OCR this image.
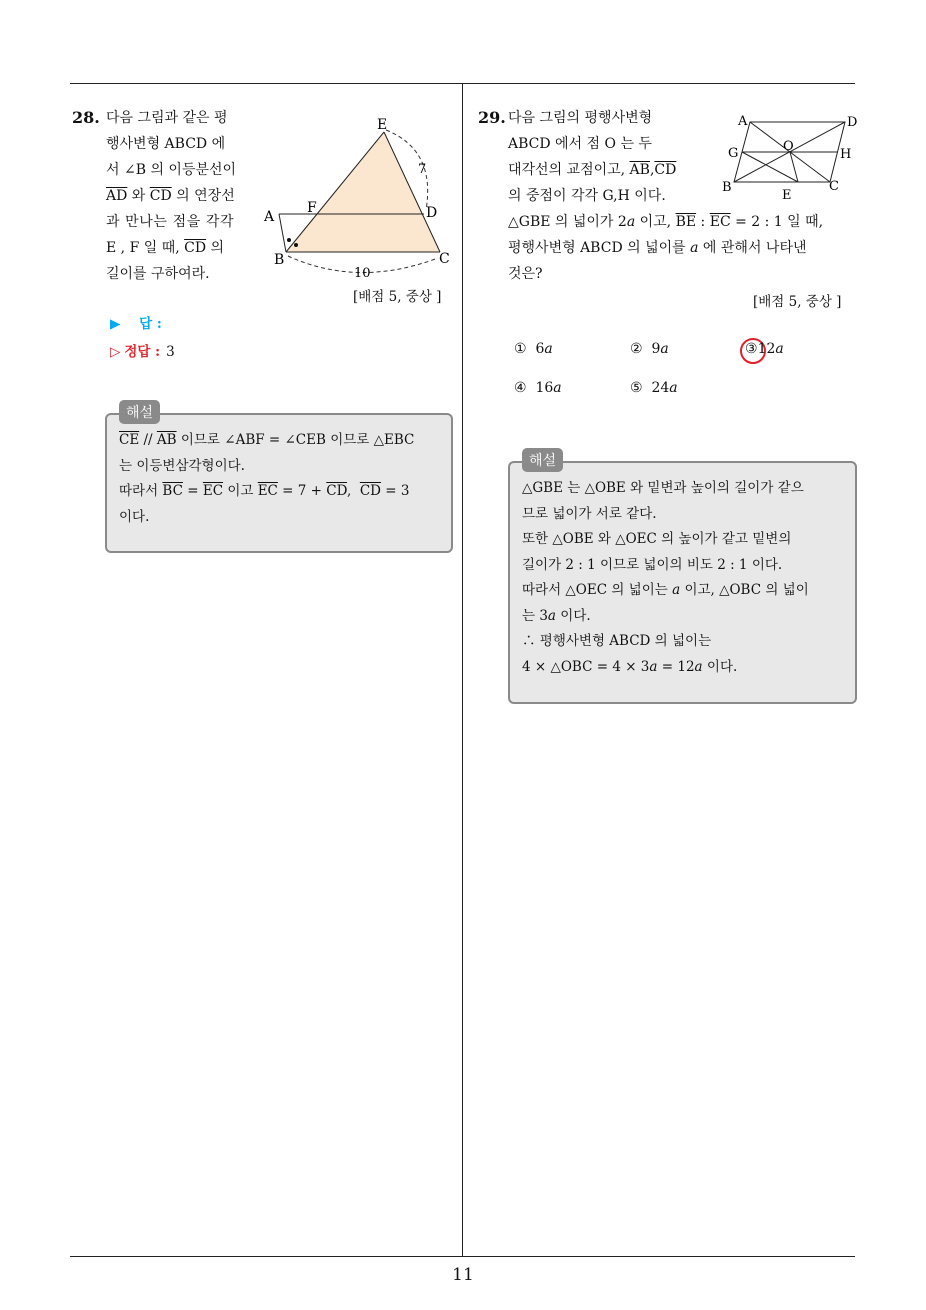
11
28. 다음 그림과 같은 평
행사변형 ABCD 에
서 ∠B 의 이등분선이
$\overline{AD}$ 와 $\overline{CD}$ 의 연장선
과 만나는 점을 각각
E , F 일 때, $\overline{CD}$ 의
길이를 구하여라.
E
7
A
F	D
B	C
10
[배점 5, 중상 ]
▶ 답 :
▷ 정답 : 3
$\overline{CE} // \overline{AB}$ 이므로 ∠ABF = ∠CEB 이므로 △EBC
는 이등변삼각형이다.
따라서 $\overline{BC} = \overline{EC}$ 이고 $\overline{EC} = 7 + \overline{CD}$,  $\overline{CD} = 3$
이다.
해설
29. 다음 그림의 평행사변형
ABCD 에서 점 O 는 두
대각선의 교점이고, $\overline{AB},\overline{CD}$
의 중점이 각각 G,H 이다.
△GBE 의 넓이가 2a 이고, $\overline{BE}$ : $\overline{EC} = 2$ : 1 일 때,
평행사변형 ABCD 의 넓이를 a 에 관해서 나타낸
것은?
A	D
G	O
H
B
E
C
[배점 5, 중상 ]
① 6a	② 9a	③12a
④ 16a	⑤ 24a
△GBE 는 △OBE 와 밑변과 높이의 길이가 같으
므로 넓이가 서로 같다.
또한 △OBE 와 △OEC 의 높이가 같고 밑변의
길이가 2 : 1 이므로 넓이의 비도 2 : 1 이다.
따라서 △OEC 의 넓이는 a 이고, △OBC 의 넓이
는 3a 이다.
∴ 평행사변형 ABCD 의 넓이는
4 × △OBC = 4 × 3a = 12a 이다.
해설
